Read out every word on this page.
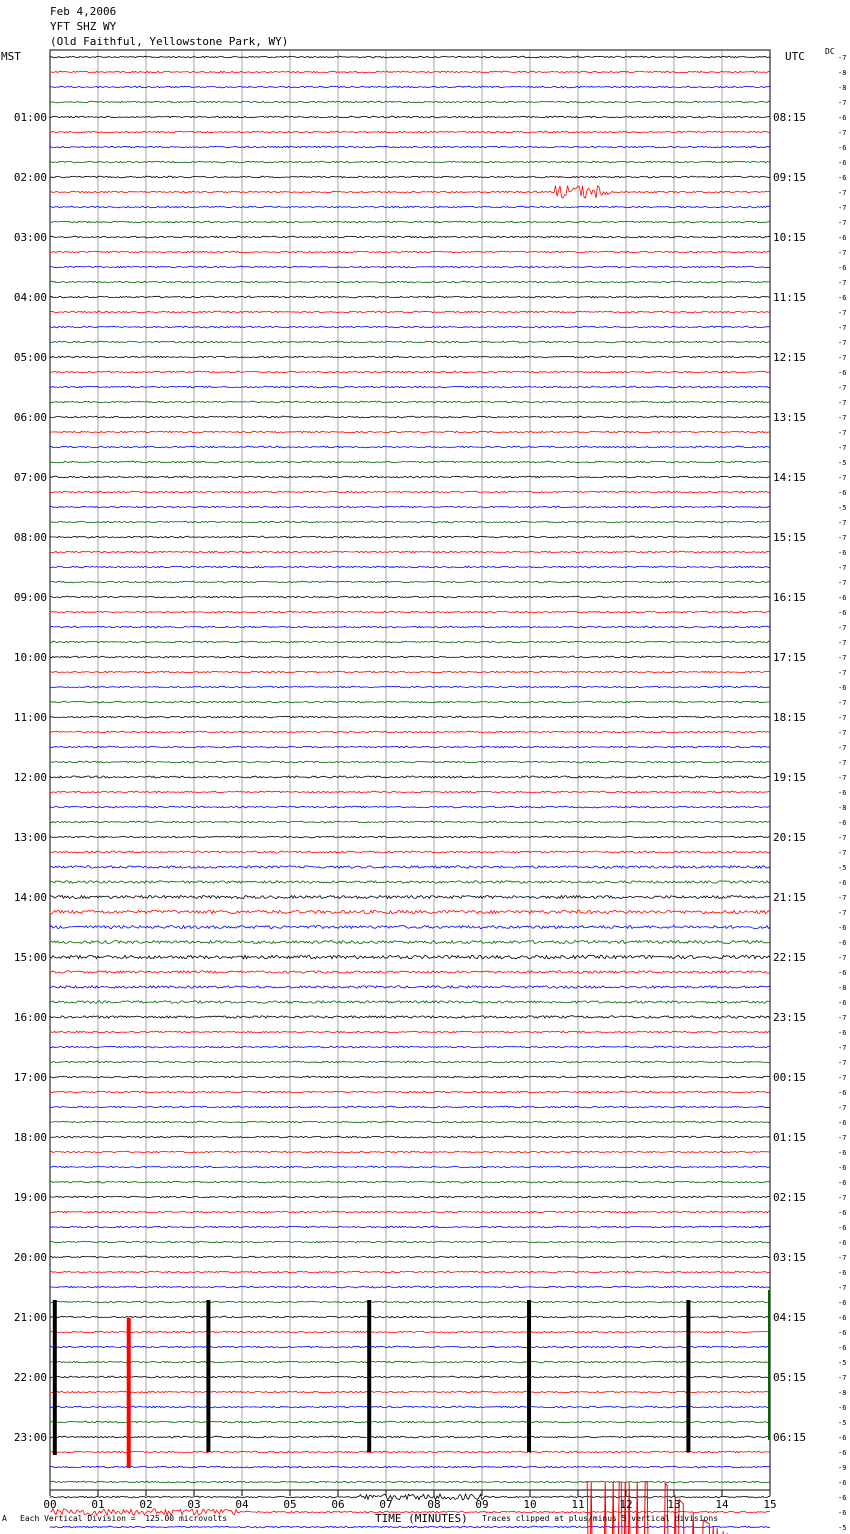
Feb 4,2006
YFT SHZ WY
(Old Faithful, Yellowstone Park, WY)
MST	UTC	DC
-7
-8
-8
-7
-6
-7
-6
-6
-6
-7
-7
-7
-6
-7
-6
-7
-6
-7
-7
-7
-7
-6
-7
-7
-7
-7
-7
-5
-7
-6
-5
-7
-7
-6
-7
-7
-6
-6
-7
-7
-7
-7
-6
-7
-7
-7
-7
-7
-7
-6
-8
-6
-7
-7
-5
-6
-7
-7
-6
-6
-7
-6
-8
-6
-7
-6
-7
-7
-7
-6
-7
-6
-7
-6
-6
-6
-7
-6
-6
-6
-7
-6
-7
-6
-6
-6
-6
-5
-7
-8
-6
-5
-6
-6
-9
-6
-6
-6
-5
01:00
02:00
03:00
04:00
05:00
06:00
07:00
08:00
09:00
10:00
11:00
12:00
13:00
14:00
15:00
16:00
17:00
18:00
19:00
20:00
21:00
22:00
23:00
08:15
09:15
10:15
11:15
12:15
13:15
14:15
15:15
16:15
17:15
18:15
19:15
20:15
21:15
22:15
23:15
00:15
01:15
02:15
03:15
04:15
05:15
06:15
00	01	02	03	04	05	06	07	08	09	10	11	12	13	14	15
A Each Vertical Division =  125.00 microvolts	TIME (MINUTES) Traces clipped at plus/minus 5 vertical divisions
